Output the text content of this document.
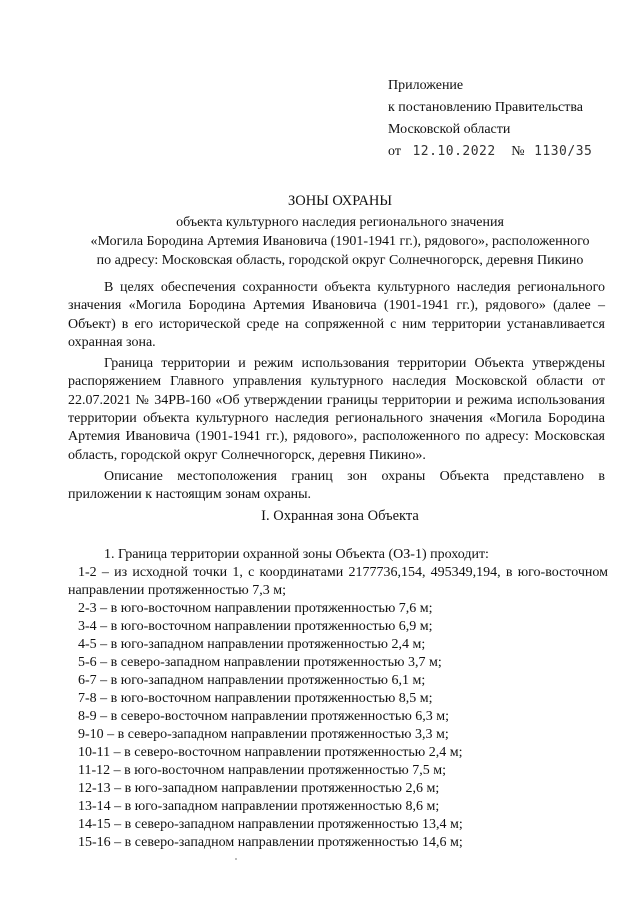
Приложение
к постановлению Правительства
Московской области
от 12.10.2022 № 1130/35
ЗОНЫ ОХРАНЫ
объекта культурного наследия регионального значения
«Могила Бородина Артемия Ивановича (1901-1941 гг.), рядового», расположенного
по адресу: Московская область, городской округ Солнечногорск, деревня Пикино

В целях обеспечения сохранности объекта культурного наследия регионального значения «Могила Бородина Артемия Ивановича (1901-1941 гг.), рядового» (далее – Объект) в его исторической среде на сопряженной с ним территории устанавливается охранная зона.

Граница территории и режим использования территории Объекта утверждены распоряжением Главного управления культурного наследия Московской области от 22.07.2021 № 34РВ-160 «Об утверждении границы территории и режима использования территории объекта культурного наследия регионального значения «Могила Бородина Артемия Ивановича (1901-1941 гг.), рядового», расположенного по адресу: Московская область, городской округ Солнечногорск, деревня Пикино».

Описание местоположения границ зон охраны Объекта представлено в приложении к настоящим зонам охраны.

I. Охранная зона Объекта
1. Граница территории охранной зоны Объекта (ОЗ-1) проходит:
1-2 – из исходной точки 1, с координатами 2177736,154, 495349,194, в юго-восточном направлении протяженностью 7,3 м;
2-3 – в юго-восточном направлении протяженностью 7,6 м;
3-4 – в юго-восточном направлении протяженностью 6,9 м;
4-5 – в юго-западном направлении протяженностью 2,4 м;
5-6 – в северо-западном направлении протяженностью 3,7 м;
6-7 – в юго-западном направлении протяженностью 6,1 м;
7-8 – в юго-восточном направлении протяженностью 8,5 м;
8-9 – в северо-восточном направлении протяженностью 6,3 м;
9-10 – в северо-западном направлении протяженностью 3,3 м;
10-11 – в северо-восточном направлении протяженностью 2,4 м;
11-12 – в юго-восточном направлении протяженностью 7,5 м;
12-13 – в юго-западном направлении протяженностью 2,6 м;
13-14 – в юго-западном направлении протяженностью 8,6 м;
14-15 – в северо-западном направлении протяженностью 13,4 м;
15-16 – в северо-западном направлении протяженностью 14,6 м;
